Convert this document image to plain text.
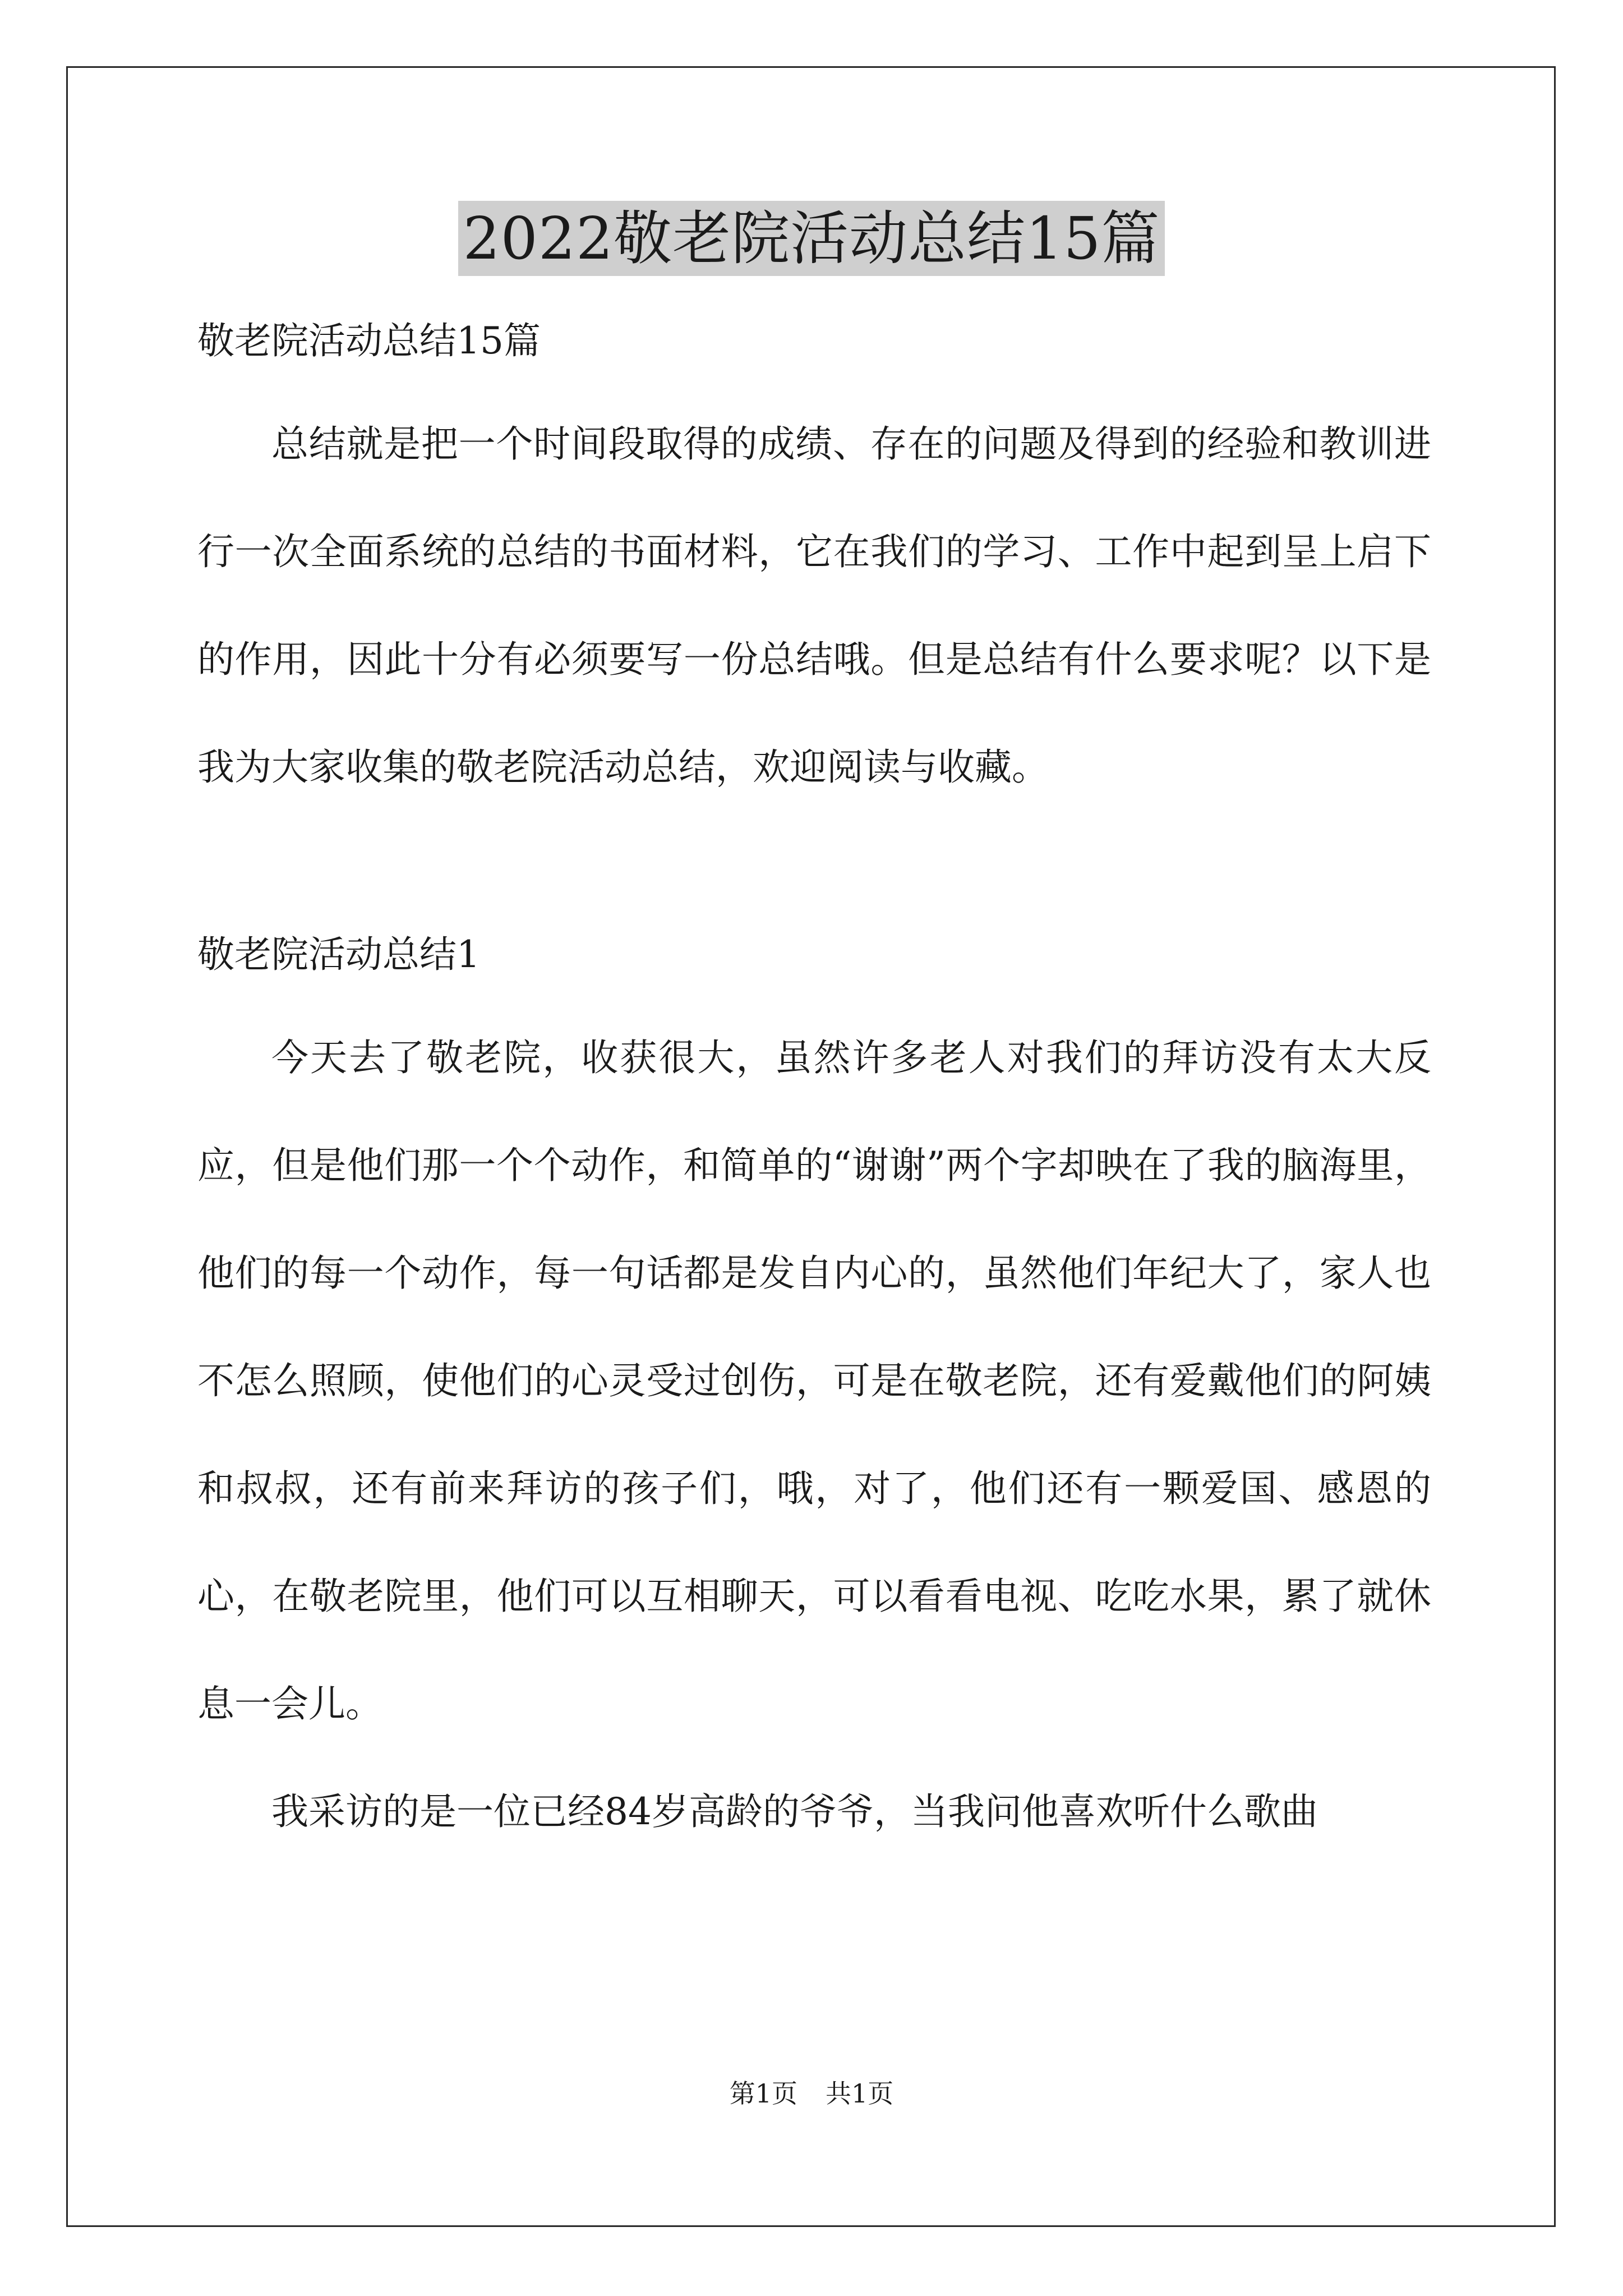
2022敬老院活动总结15篇

敬老院活动总结15篇

总结就是把一个时间段取得的成绩、存在的问题及得到的经验和教训进行一次全面系统的总结的书面材料，它在我们的学习、工作中起到呈上启下的作用，因此十分有必须要写一份总结哦。但是总结有什么要求呢？以下是我为大家收集的敬老院活动总结，欢迎阅读与收藏。

敬老院活动总结1

今天去了敬老院，收获很大，虽然许多老人对我们的拜访没有太大反应，但是他们那一个个动作，和简单的“谢谢”两个字却映在了我的脑海里，他们的每一个动作，每一句话都是发自内心的，虽然他们年纪大了，家人也不怎么照顾，使他们的心灵受过创伤，可是在敬老院，还有爱戴他们的阿姨和叔叔，还有前来拜访的孩子们，哦，对了，他们还有一颗爱国、感恩的心，在敬老院里，他们可以互相聊天，可以看看电视、吃吃水果，累了就休息一会儿。

我采访的是一位已经84岁高龄的爷爷，当我问他喜欢听什么歌曲

第1页 共1页
